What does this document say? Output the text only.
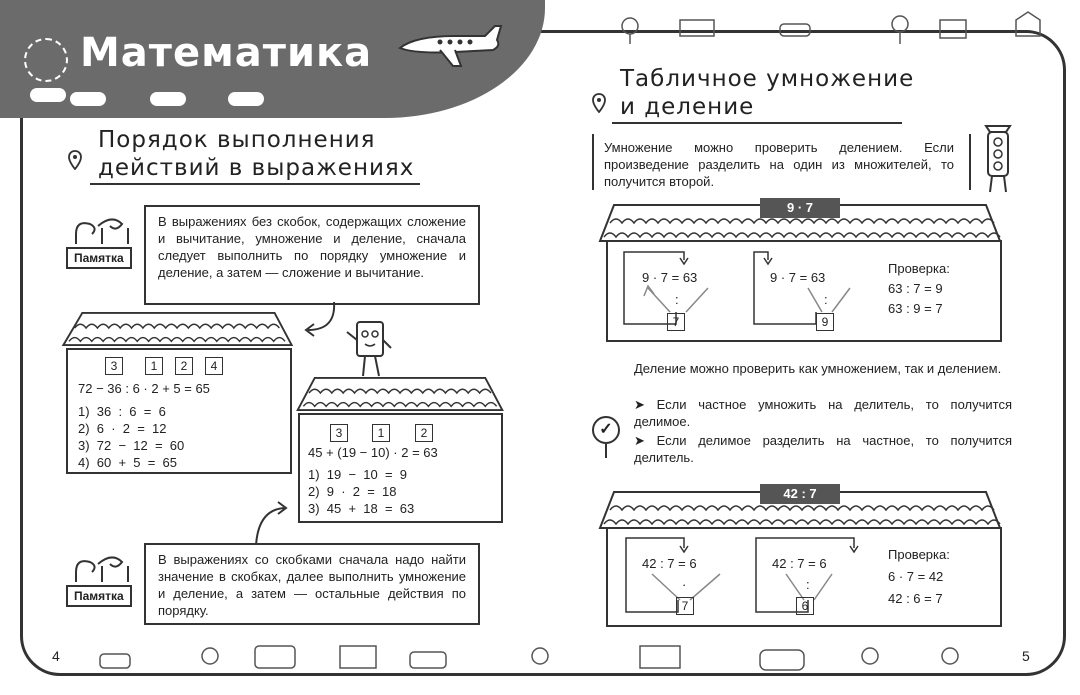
Математика
Порядок выполнения
действий в выражениях
Памятка
В выражениях без скобок, содержащих сложение и вычитание, умножение и деление, сначала следует выполнить по порядку умножение и деление, а затем — сложение и вычитание.
3	1	2	4
72 − 36 : 6 · 2 + 5 = 65
1)  36  :  6  =  6
2)  6  ·  2  =  12
3)  72  −  12  =  60
4)  60  +  5  =  65
3	1	2
45 + (19 − 10) · 2 = 63
1)  19  −  10  =  9
2)  9  ·  2  =  18
3)  45  +  18  =  63
Памятка
В выражениях со скобками сначала надо найти значение в скобках, далее выполнить умножение и деление, а затем — остальные действия по порядку.
4
Табличное умножение
и деление
Умножение можно проверить делением. Если произведение разделить на один из множителей, то получится второй.
9 · 7
9 · 7 = 63
:
7
9 · 7 = 63
:
9
Проверка:
63 : 7 = 9
63 : 9 = 7
Деление можно проверить как умножением, так и делением.
➤ Если частное умножить на делитель, то получится делимое.
➤ Если делимое разделить на частное, то получится делитель.
✓
42 : 7
42 : 7 = 6
·
7
42 : 7 = 6
:
6
Проверка:
6 · 7 = 42
42 : 6 = 7
5
